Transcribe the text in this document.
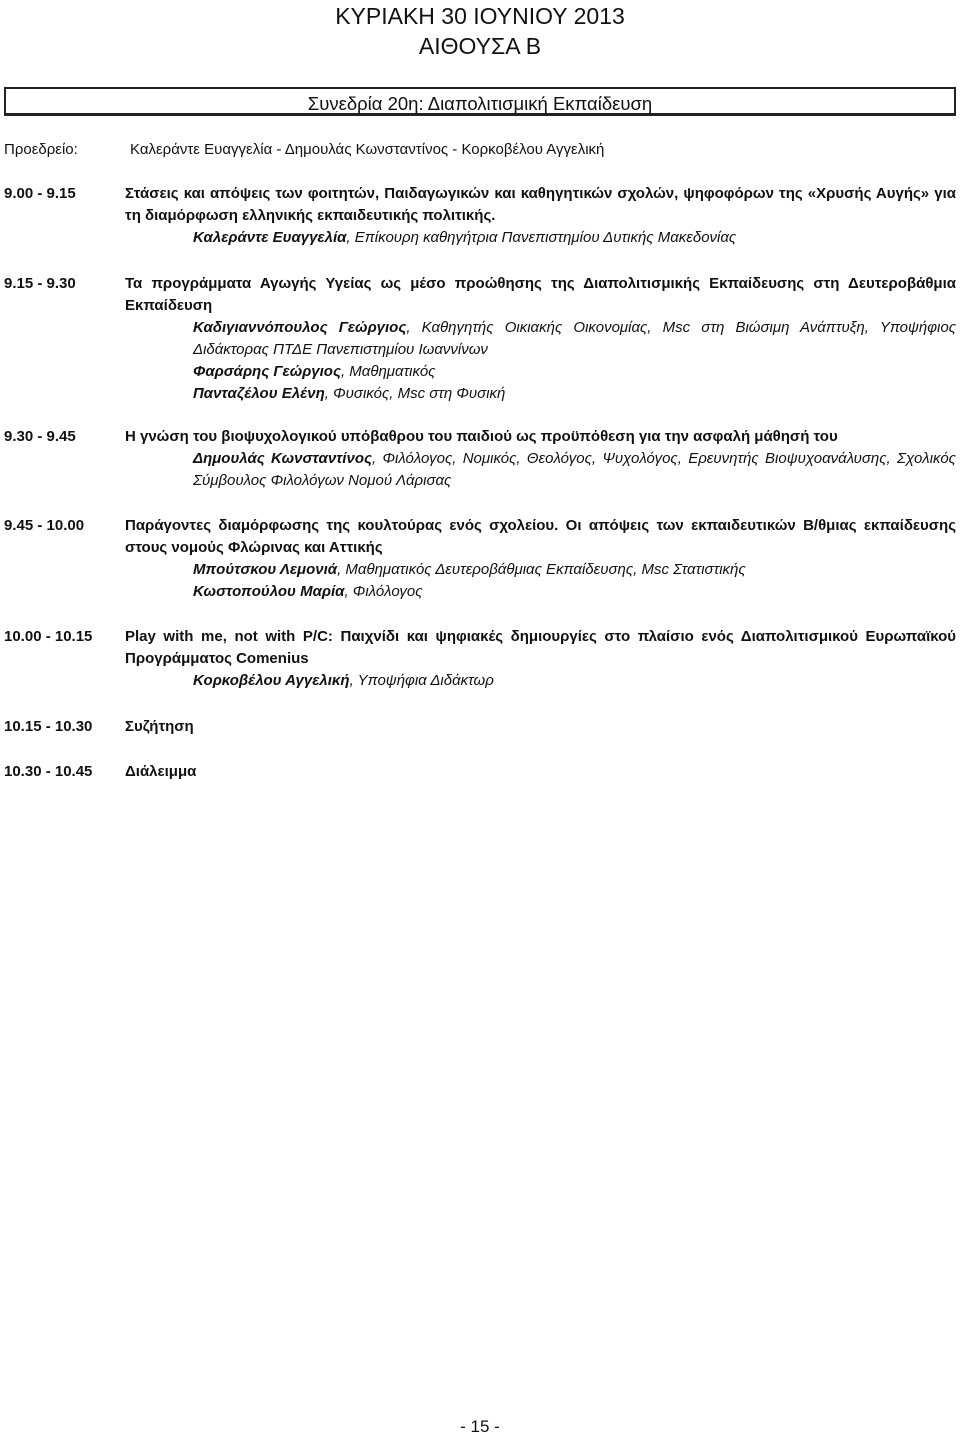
ΚΥΡΙΑΚΗ 30 ΙΟΥΝΙΟΥ 2013
ΑΙΘΟΥΣΑ Β
Συνεδρία 20η: Διαπολιτισμική Εκπαίδευση
Προεδρείο:	Καλεράντε Ευαγγελία - Δημουλάς Κωνσταντίνος - Κορκοβέλου Αγγελική
9.00 - 9.15	Στάσεις και απόψεις των φοιτητών, Παιδαγωγικών και καθηγητικών σχολών, ψηφοφόρων της «Χρυσής Αυγής» για τη διαμόρφωση ελληνικής εκπαιδευτικής πολιτικής.

Καλεράντε Ευαγγελία, Επίκουρη καθηγήτρια Πανεπιστημίου Δυτικής Μακεδονίας

9.15 - 9.30	Τα προγράμματα Αγωγής Υγείας ως μέσο προώθησης της Διαπολιτισμικής Εκπαίδευσης στη Δευτεροβάθμια Εκπαίδευση

Καδιγιαννόπουλος Γεώργιος, Καθηγητής Οικιακής Οικονομίας, Msc στη Βιώσιμη Ανάπτυξη, Υποψήφιος Διδάκτορας ΠΤΔΕ Πανεπιστημίου Ιωαννίνων

Φαρσάρης Γεώργιος, Μαθηματικός

Πανταζέλου Ελένη, Φυσικός, Msc στη Φυσική

9.30 - 9.45	Η γνώση του βιοψυχολογικού υπόβαθρου του παιδιού ως προϋπόθεση για την ασφαλή μάθησή του

Δημουλάς Κωνσταντίνος, Φιλόλογος, Νομικός, Θεολόγος, Ψυχολόγος, Ερευνητής Βιοψυχοανάλυσης, Σχολικός Σύμβουλος Φιλολόγων Νομού Λάρισας

9.45 - 10.00	Παράγοντες διαμόρφωσης της κουλτούρας ενός σχολείου. Οι απόψεις των εκπαιδευτικών Β/θμιας εκπαίδευσης στους νομούς Φλώρινας και Αττικής

Μπούτσκου Λεμονιά, Μαθηματικός Δευτεροβάθμιας Εκπαίδευσης, Msc Στατιστικής

Κωστοπούλου Μαρία, Φιλόλογος

10.00 - 10.15 Play with me, not with P/C: Παιχνίδι και ψηφιακές δημιουργίες στο πλαίσιο ενός Διαπολιτισμικού Ευρωπαϊκού Προγράμματος Comenius

Κορκοβέλου Αγγελική, Υποψήφια Διδάκτωρ

10.15 - 10.30 Συζήτηση
10.30 - 10.45 Διάλειμμα
- 15 -
